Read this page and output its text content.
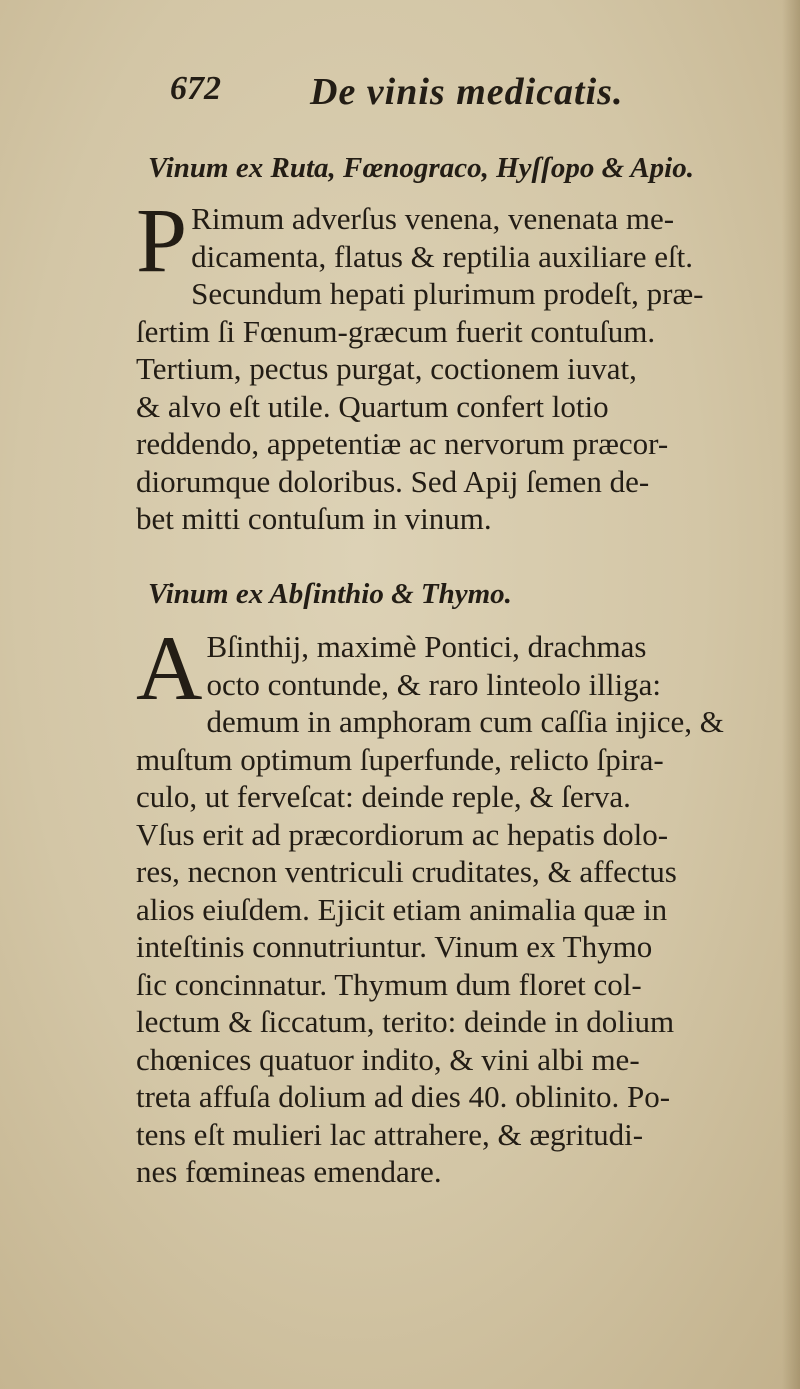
672 De vinis medicatis.
Vinum ex Ruta, Fœnograco, Hyſſopo & Apio.
P Rimum adverſus venena, venenata me-
dicamenta, flatus & reptilia auxiliare eſt.
Secundum hepati plurimum prodeſt, præ-
ſertim ſi Fœnum-græcum fuerit contuſum.
Tertium, pectus purgat, coctionem iuvat,
& alvo eſt utile. Quartum confert lotio
reddendo, appetentiæ ac nervorum præcor-
diorumque doloribus. Sed Apij ſemen de-
bet mitti contuſum in vinum.
Vinum ex Abſinthio & Thymo.
A Bſinthij, maximè Pontici, drachmas
octo contunde, & raro linteolo illiga:
demum in amphoram cum caſſia injice, &
muſtum optimum ſuperfunde, relicto ſpira-
culo, ut ferveſcat: deinde reple, & ſerva.
Vſus erit ad præcordiorum ac hepatis dolo-
res, necnon ventriculi cruditates, & affectus
alios eiuſdem. Ejicit etiam animalia quæ in
inteſtinis connutriuntur. Vinum ex Thymo
ſic concinnatur. Thymum dum floret col-
lectum & ſiccatum, terito: deinde in dolium
chœnices quatuor indito, & vini albi me-
treta affuſa dolium ad dies 40. oblinito. Po-
tens eſt mulieri lac attrahere, & ægritudi-
nes fœmineas emendare.
